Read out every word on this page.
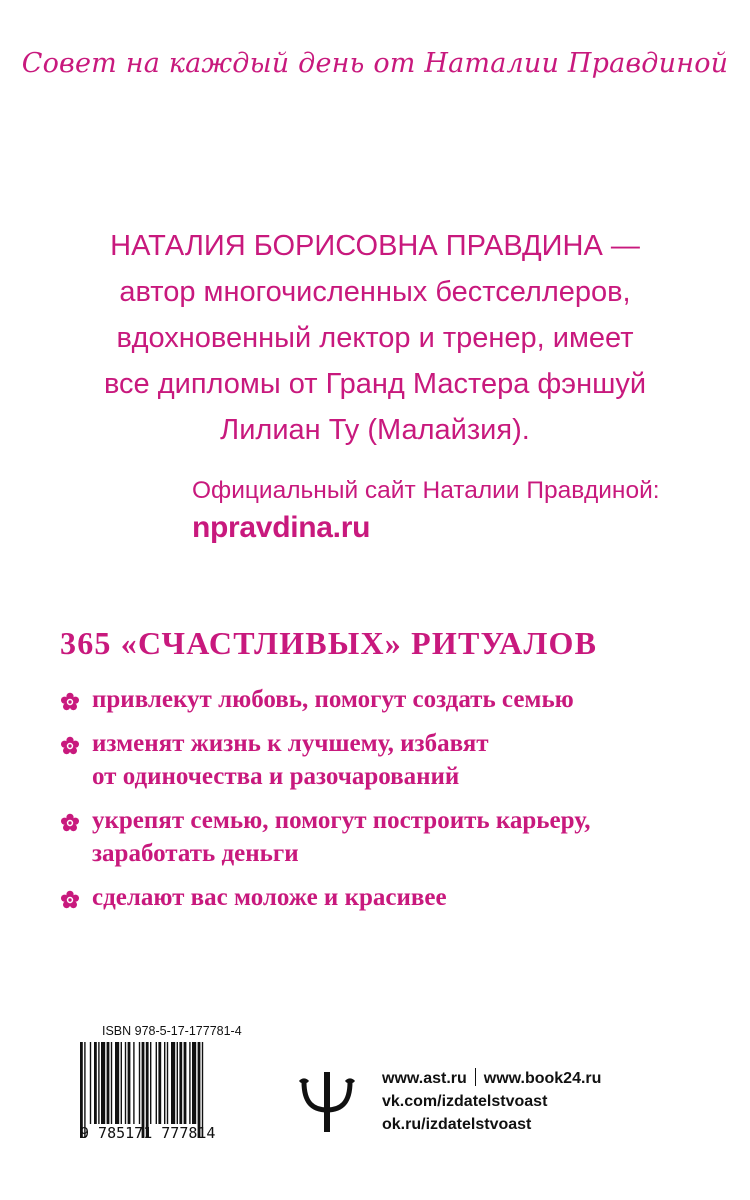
Совет на каждый день от Наталии Правдиной
НАТАЛИЯ БОРИСОВНА ПРАВДИНА —
автор многочисленных бестселлеров,
вдохновенный лектор и тренер, имеет
все дипломы от Гранд Мастера фэншуй
Лилиан Ту (Малайзия).
Официальный сайт Наталии Правдиной:
npravdina.ru
365 «СЧАСТЛИВЫХ» РИТУАЛОВ
привлекут любовь, помогут создать семью
изменят жизнь к лучшему, избавят
от одиночества и разочарований
укрепят семью, помогут построить карьеру,
заработать деньги
сделают вас моложе и красивее
ISBN 978-5-17-177781-4
9 785171 777814
www.ast.ru www.book24.ru
vk.com/izdatelstvoast
ok.ru/izdatelstvoast
